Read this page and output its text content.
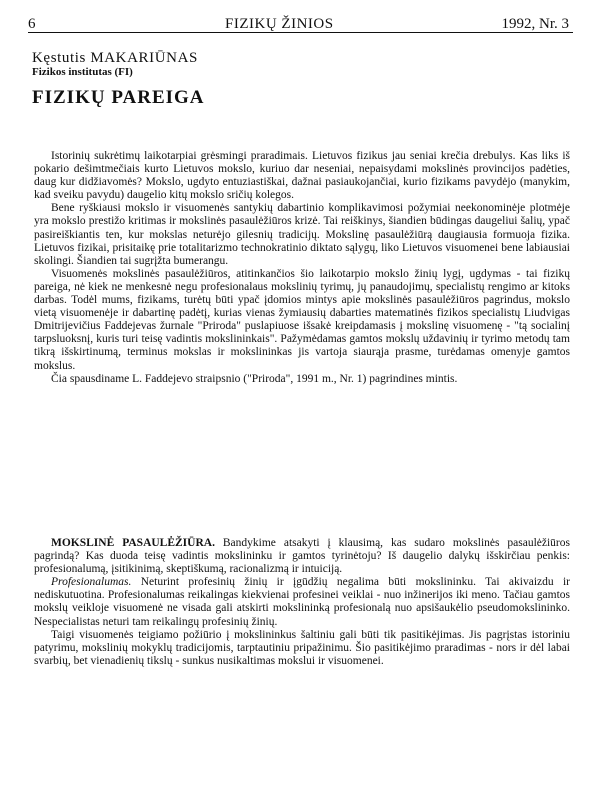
6	FIZIKŲ ŽINIOS	1992, Nr. 3
Kęstutis MAKARIŪNAS
Fizikos institutas (FI)
FIZIKŲ PAREIGA

Istorinių sukrėtimų laikotarpiai grėsmingi praradimais. Lietuvos fizikus jau seniai krečia drebulys. Kas liks iš pokario dešimtmečiais kurto Lietuvos mokslo, kuriuo dar neseniai, nepaisydami mokslinės provincijos padėties, daug kur didžiavomės? Mokslo, ugdyto entuziastiškai, dažnai pasiaukojančiai, kurio fizikams pavydėjo (manykim, kad sveiku pavydu) daugelio kitų mokslo sričių kolegos.

Bene ryškiausi mokslo ir visuomenės santykių dabartinio komplikavimosi požymiai neekonominėje plotmėje yra mokslo prestižo kritimas ir mokslinės pasaulėžiūros krizė. Tai reiškinys, šiandien būdingas daugeliui šalių, ypač pasireiškiantis ten, kur mokslas neturėjo gilesnių tradicijų. Mokslinę pasaulėžiūrą daugiausia formuoja fizika. Lietuvos fizikai, prisitaikę prie totalitarizmo technokratinio diktato sąlygų, liko Lietuvos visuomenei bene labiausiai skolingi. Šiandien tai sugrįžta bumerangu.

Visuomenės mokslinės pasaulėžiūros, atitinkančios šio laikotarpio mokslo žinių lygį, ugdymas - tai fizikų pareiga, nė kiek ne menkesnė negu profesionalaus mokslinių tyrimų, jų panaudojimų, specialistų rengimo ar kitoks darbas. Todėl mums, fizikams, turėtų būti ypač įdomios mintys apie mokslinės pasaulėžiūros pagrindus, mokslo vietą visuomenėje ir dabartinę padėtį, kurias vienas žymiausių dabarties matematinės fizikos specialistų Liudvigas Dmitrijevičius Faddejevas žurnale "Priroda" puslapiuose išsakė kreipdamasis į mokslinę visuomenę - "tą socialinį tarpsluoksnį, kuris turi teisę vadintis mokslininkais". Pažymėdamas gamtos mokslų uždavinių ir tyrimo metodų tam tikrą išskirtinumą, terminus mokslas ir mokslininkas jis vartoja siaurąja prasme, turėdamas omenyje gamtos mokslus.

Čia spausdiname L. Faddejevo straipsnio ("Priroda", 1991 m., Nr. 1) pagrindines mintis.

MOKSLINĖ PASAULĖŽIŪRA. Bandykime atsakyti į klausimą, kas sudaro mokslinės pasaulėžiūros pagrindą? Kas duoda teisę vadintis mokslininku ir gamtos tyrinėtoju? Iš daugelio dalykų išskirčiau penkis: profesionalumą, įsitikinimą, skeptiškumą, racionalizmą ir intuiciją.

Profesionalumas. Neturint profesinių žinių ir įgūdžių negalima būti mokslininku. Tai akivaizdu ir nediskutuotina. Profesionalumas reikalingas kiekvienai profesinei veiklai - nuo inžinerijos iki meno. Tačiau gamtos mokslų veikloje visuomenė ne visada gali atskirti mokslininką profesionalą nuo apsišaukėlio pseudomokslininko. Nespecialistas neturi tam reikalingų profesinių žinių.

Taigi visuomenės teigiamo požiūrio į mokslininkus šaltiniu gali būti tik pasitikėjimas. Jis pagrįstas istoriniu patyrimu, mokslinių mokyklų tradicijomis, tarptautiniu pripažinimu. Šio pasitikėjimo praradimas - nors ir dėl labai svarbių, bet vienadienių tikslų - sunkus nusikaltimas mokslui ir visuomenei.
